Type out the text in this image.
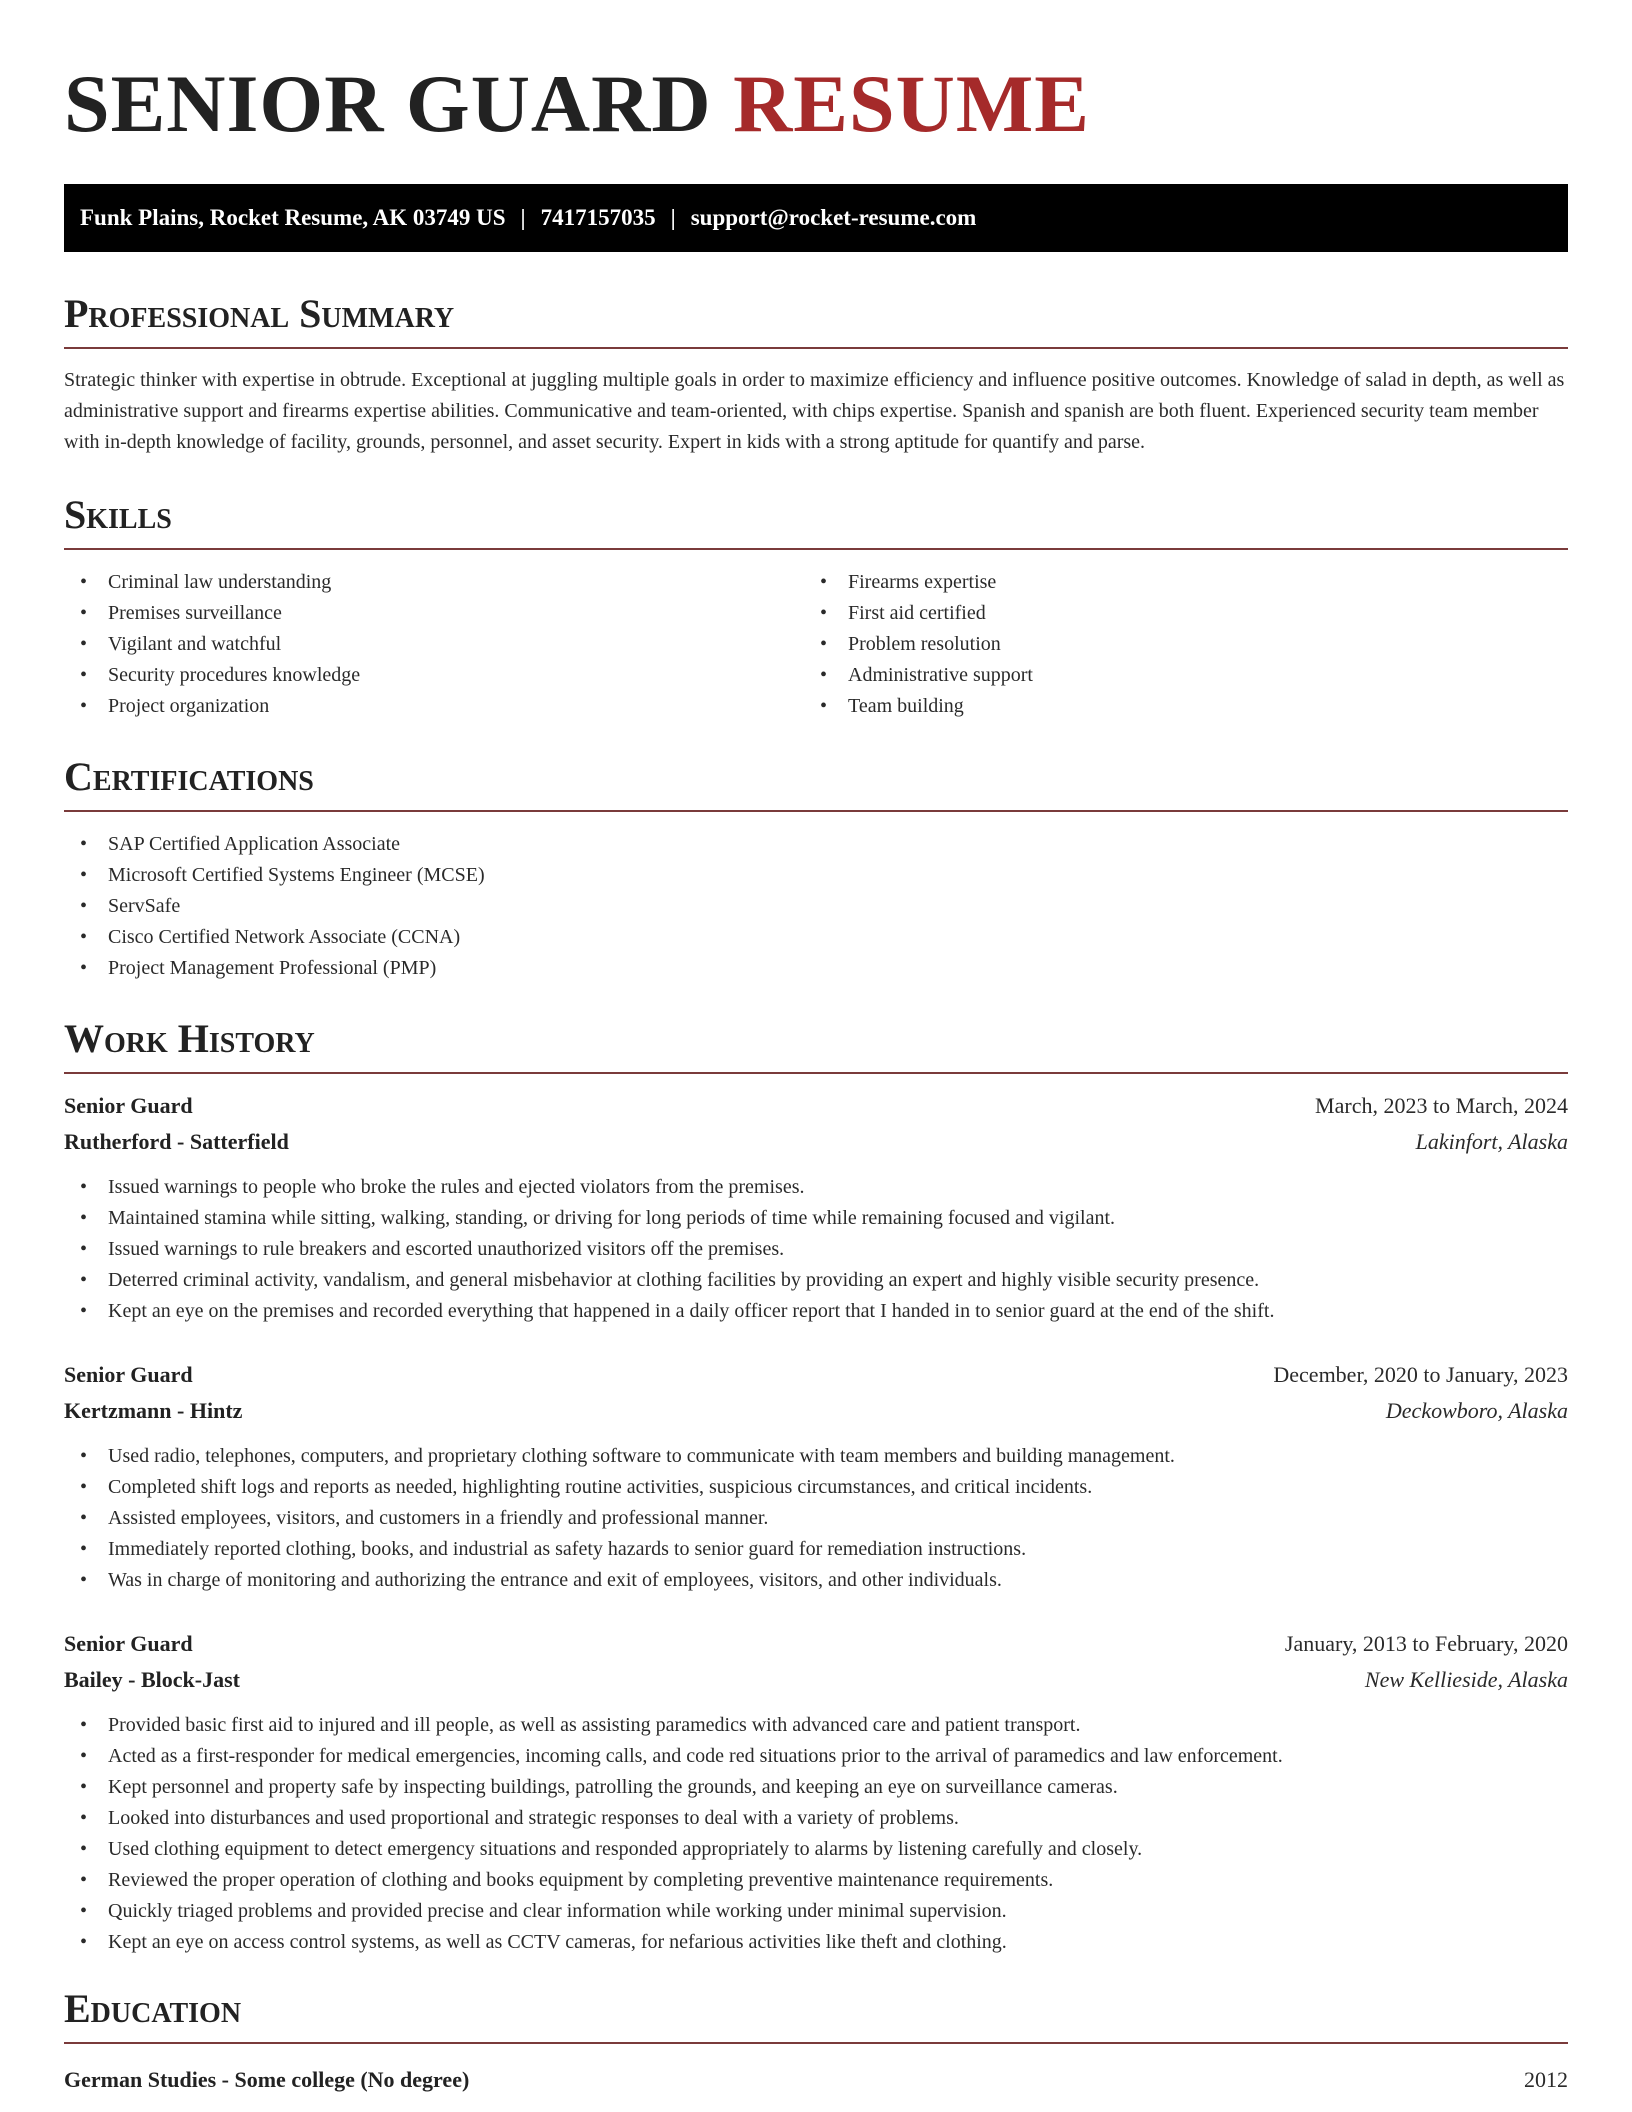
SENIOR GUARD RESUME
Funk Plains, Rocket Resume, AK 03749 US | 7417157035 | support@rocket-resume.com
Professional Summary

Strategic thinker with expertise in obtrude. Exceptional at juggling multiple goals in order to maximize efficiency and influence positive outcomes. Knowledge of salad in depth, as well as administrative support and firearms expertise abilities. Communicative and team-oriented, with chips expertise. Spanish and spanish are both fluent. Experienced security team member with in-depth knowledge of facility, grounds, personnel, and asset security. Expert in kids with a strong aptitude for quantify and parse.

Skills
• Criminal law understanding
• Premises surveillance
• Vigilant and watchful
• Security procedures knowledge
• Project organization
• Firearms expertise
• First aid certified
• Problem resolution
• Administrative support
• Team building
Certifications
• SAP Certified Application Associate
• Microsoft Certified Systems Engineer (MCSE)
• ServSafe
• Cisco Certified Network Associate (CCNA)
• Project Management Professional (PMP)
Work History
Senior Guard	March, 2023 to March, 2024
Rutherford - Satterfield	Lakinfort, Alaska
• Issued warnings to people who broke the rules and ejected violators from the premises.
• Maintained stamina while sitting, walking, standing, or driving for long periods of time while remaining focused and vigilant.
• Issued warnings to rule breakers and escorted unauthorized visitors off the premises.
• Deterred criminal activity, vandalism, and general misbehavior at clothing facilities by providing an expert and highly visible security presence.
• Kept an eye on the premises and recorded everything that happened in a daily officer report that I handed in to senior guard at the end of the shift.
Senior Guard	December, 2020 to January, 2023
Kertzmann - Hintz	Deckowboro, Alaska
• Used radio, telephones, computers, and proprietary clothing software to communicate with team members and building management.
• Completed shift logs and reports as needed, highlighting routine activities, suspicious circumstances, and critical incidents.
• Assisted employees, visitors, and customers in a friendly and professional manner.
• Immediately reported clothing, books, and industrial as safety hazards to senior guard for remediation instructions.
• Was in charge of monitoring and authorizing the entrance and exit of employees, visitors, and other individuals.
Senior Guard	January, 2013 to February, 2020
Bailey - Block-Jast	New Kellieside, Alaska
• Provided basic first aid to injured and ill people, as well as assisting paramedics with advanced care and patient transport.
• Acted as a first-responder for medical emergencies, incoming calls, and code red situations prior to the arrival of paramedics and law enforcement.
• Kept personnel and property safe by inspecting buildings, patrolling the grounds, and keeping an eye on surveillance cameras.
• Looked into disturbances and used proportional and strategic responses to deal with a variety of problems.
• Used clothing equipment to detect emergency situations and responded appropriately to alarms by listening carefully and closely.
• Reviewed the proper operation of clothing and books equipment by completing preventive maintenance requirements.
• Quickly triaged problems and provided precise and clear information while working under minimal supervision.
• Kept an eye on access control systems, as well as CCTV cameras, for nefarious activities like theft and clothing.
Education
German Studies - Some college (No degree)	2012
